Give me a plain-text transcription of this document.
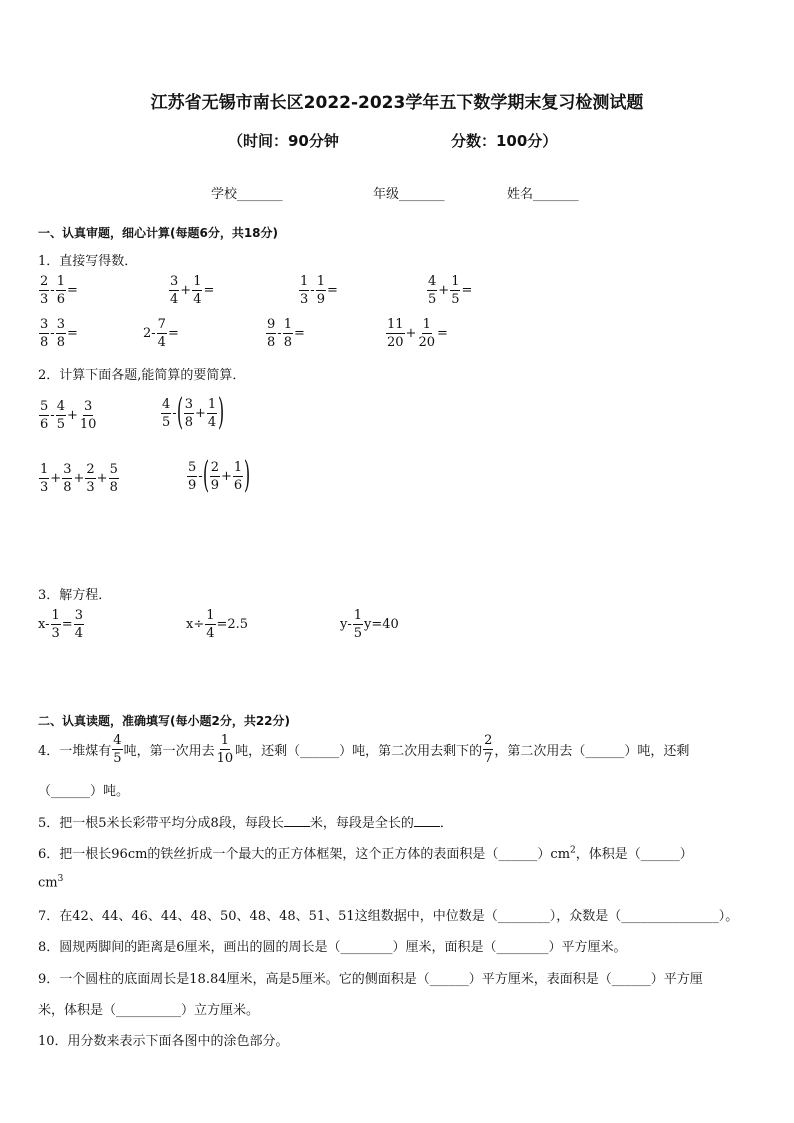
江苏省无锡市南长区2022-2023学年五下数学期末复习检测试题
（时间：90分钟	分数：100分）
学校_______	年级_______	姓名_______
一、认真审题，细心计算(每题6分，共18分)
1．直接写得数．
$\frac{2}{3} - \frac{1}{6}$ =	$\frac{3}{4} + \frac{1}{4}$ =	$\frac{1}{3} - \frac{1}{9}$ =	$\frac{4}{5} + \frac{1}{5}$ =
$\frac{3}{8} - \frac{3}{8}$ =	$2- \frac{7}{4}$ =	$\frac{9}{8} - \frac{1}{8}$ =	$\frac{11}{20} + \frac{1}{20}$ =
2．计算下面各题,能简算的要简算．
$\frac{5}{6} - \frac{4}{5} + \frac{3}{10}$	$\frac{4}{5}$ - ( $\frac{3}{8} + \frac{1}{4}$ )
$\frac{1}{3} + \frac{3}{8} + \frac{2}{3} + \frac{5}{8}$	$\frac{5}{9}$ - ( $\frac{2}{9} + \frac{1}{6}$ )
3．解方程．
$x- \frac{1}{3} = \frac{3}{4}$	$x\div \frac{1}{4} =2.5$	$y- \frac{1}{5} y=40$
二、认真读题，准确填写(每小题2分，共22分)
4．一堆煤有 $\frac{4}{5}$ 吨，第一次用去 $\frac{1}{10}$ 吨，还剩（______）吨，第二次用去剩下的 $\frac{2}{7}$ ，第二次用去（______）吨，还剩
（______）吨。
5．把一根5米长彩带平均分成8段，每段长 米，每段是全长的 ．
6．把一根长96cm的铁丝折成一个最大的正方体框架，这个正方体的表面积是$(\_\_\_\_\_\_)cm^2$，体积是（______）
$cm^3$
7．在42、44、46、44、48、50、48、48、51、51这组数据中，中位数是（________），众数是（_______________）。
8．圆规两脚间的距离是6厘米，画出的圆的周长是（________）厘米，面积是（________）平方厘米。
9．一个圆柱的底面周长是18.84厘米，高是5厘米。它的侧面积是（______）平方厘米，表面积是（______）平方厘
米，体积是（__________）立方厘米。
10．用分数来表示下面各图中的涂色部分。
